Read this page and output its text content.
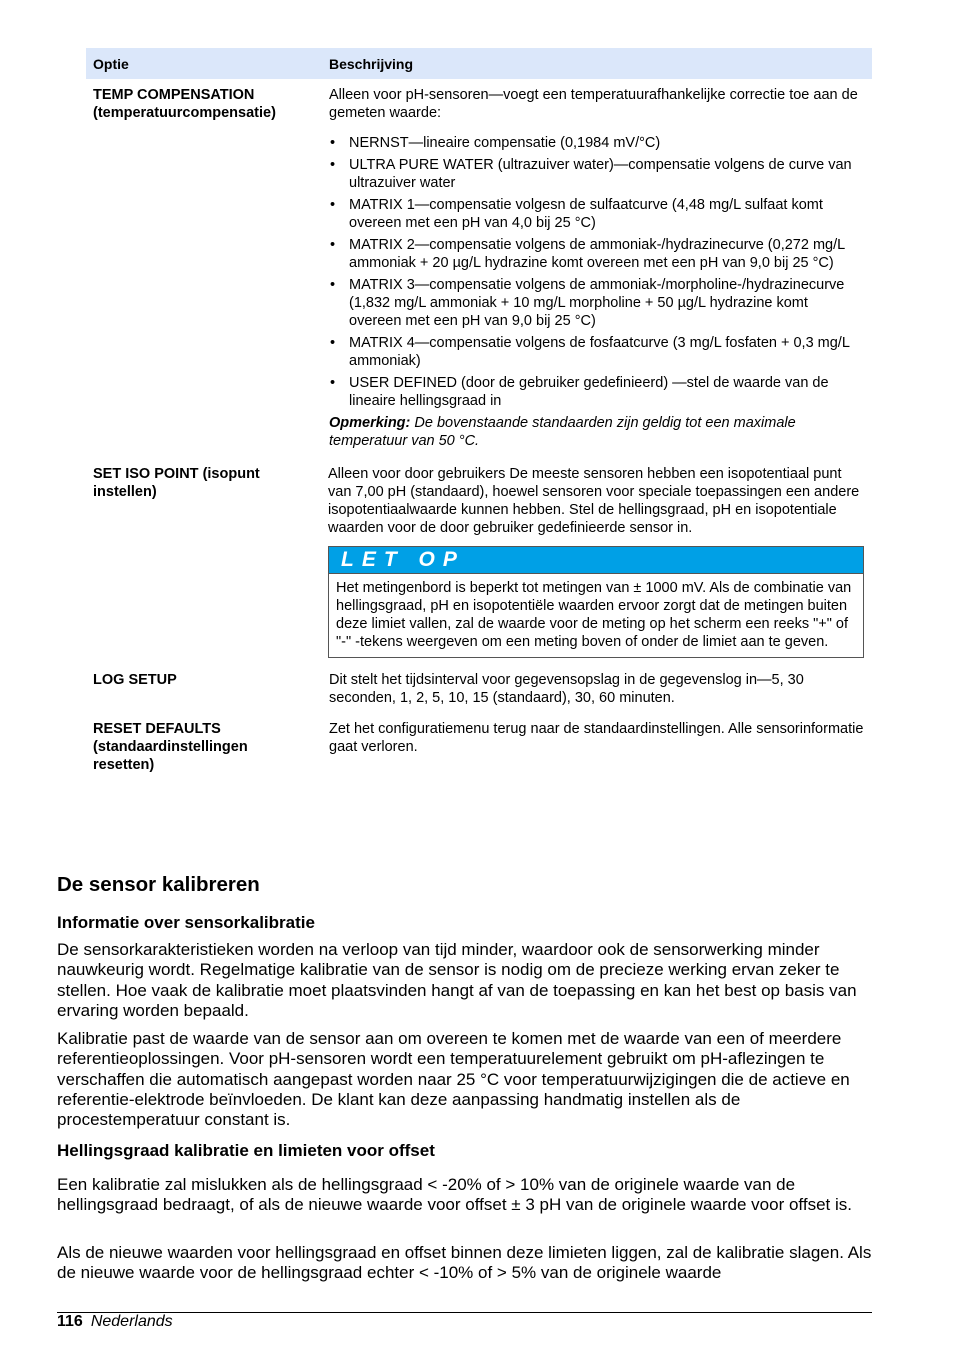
Optie	Beschrijving
TEMP COMPENSATION (temperatuurcompensatie)

Alleen voor pH-sensoren—voegt een temperatuurafhankelijke correctie toe aan de gemeten waarde:

• NERNST—lineaire compensatie (0,1984 mV/°C)
• ULTRA PURE WATER (ultrazuiver water)—compensatie volgens de curve van ultrazuiver water
• MATRIX 1—compensatie volgesn de sulfaatcurve (4,48 mg/L sulfaat komt overeen met een pH van 4,0 bij 25 °C)
• MATRIX 2—compensatie volgens de ammoniak-/hydrazinecurve (0,272 mg/L ammoniak + 20 µg/L hydrazine komt overeen met een pH van 9,0 bij 25 °C)
• MATRIX 3—compensatie volgens de ammoniak-/morpholine-/hydrazinecurve (1,832 mg/L ammoniak + 10 mg/L morpholine + 50 µg/L hydrazine komt overeen met een pH van 9,0 bij 25 °C)
• MATRIX 4—compensatie volgens de fosfaatcurve (3 mg/L fosfaten + 0,3 mg/L ammoniak)
• USER DEFINED (door de gebruiker gedefinieerd) —stel de waarde van de lineaire hellingsgraad in

Opmerking: De bovenstaande standaarden zijn geldig tot een maximale temperatuur van 50 °C.

SET ISO POINT (isopunt instellen)

Alleen voor door gebruikers De meeste sensoren hebben een isopotentiaal punt van 7,00 pH (standaard), hoewel sensoren voor speciale toepassingen een andere isopotentiaalwaarde kunnen hebben. Stel de hellingsgraad, pH en isopotentiale waarden voor de door gebruiker gedefinieerde sensor in.

LET OP
Het metingenbord is beperkt tot metingen van ± 1000 mV. Als de combinatie van hellingsgraad, pH en isopotentiële waarden ervoor zorgt dat de metingen buiten deze limiet vallen, zal de waarde voor de meting op het scherm een reeks "+" of "-" -tekens weergeven om een meting boven of onder de limiet aan te geven.
LOG SETUP	Dit stelt het tijdsinterval voor gegevensopslag in de gegevenslog in—5, 30 seconden, 1, 2, 5, 10, 15 (standaard), 30, 60 minuten.

RESET DEFAULTS (standaardinstellingen resetten)

Zet het configuratiemenu terug naar de standaardinstellingen. Alle sensorinformatie gaat verloren.

De sensor kalibreren
Informatie over sensorkalibratie

De sensorkarakteristieken worden na verloop van tijd minder, waardoor ook de sensorwerking minder nauwkeurig wordt. Regelmatige kalibratie van de sensor is nodig om de precieze werking ervan zeker te stellen. Hoe vaak de kalibratie moet plaatsvinden hangt af van de toepassing en kan het best op basis van ervaring worden bepaald.

Kalibratie past de waarde van de sensor aan om overeen te komen met de waarde van een of meerdere referentieoplossingen. Voor pH-sensoren wordt een temperatuurelement gebruikt om pH-aflezingen te verschaffen die automatisch aangepast worden naar 25 °C voor temperatuurwijzigingen die de actieve en referentie-elektrode beïnvloeden. De klant kan deze aanpassing handmatig instellen als de procestemperatuur constant is.

Hellingsgraad kalibratie en limieten voor offset

Een kalibratie zal mislukken als de hellingsgraad < -20% of > 10% van de originele waarde van de hellingsgraad bedraagt, of als de nieuwe waarde voor offset ± 3 pH van de originele waarde voor offset is.

Als de nieuwe waarden voor hellingsgraad en offset binnen deze limieten liggen, zal de kalibratie slagen. Als de nieuwe waarde voor de hellingsgraad echter < -10% of > 5% van de originele waarde

116 Nederlands
